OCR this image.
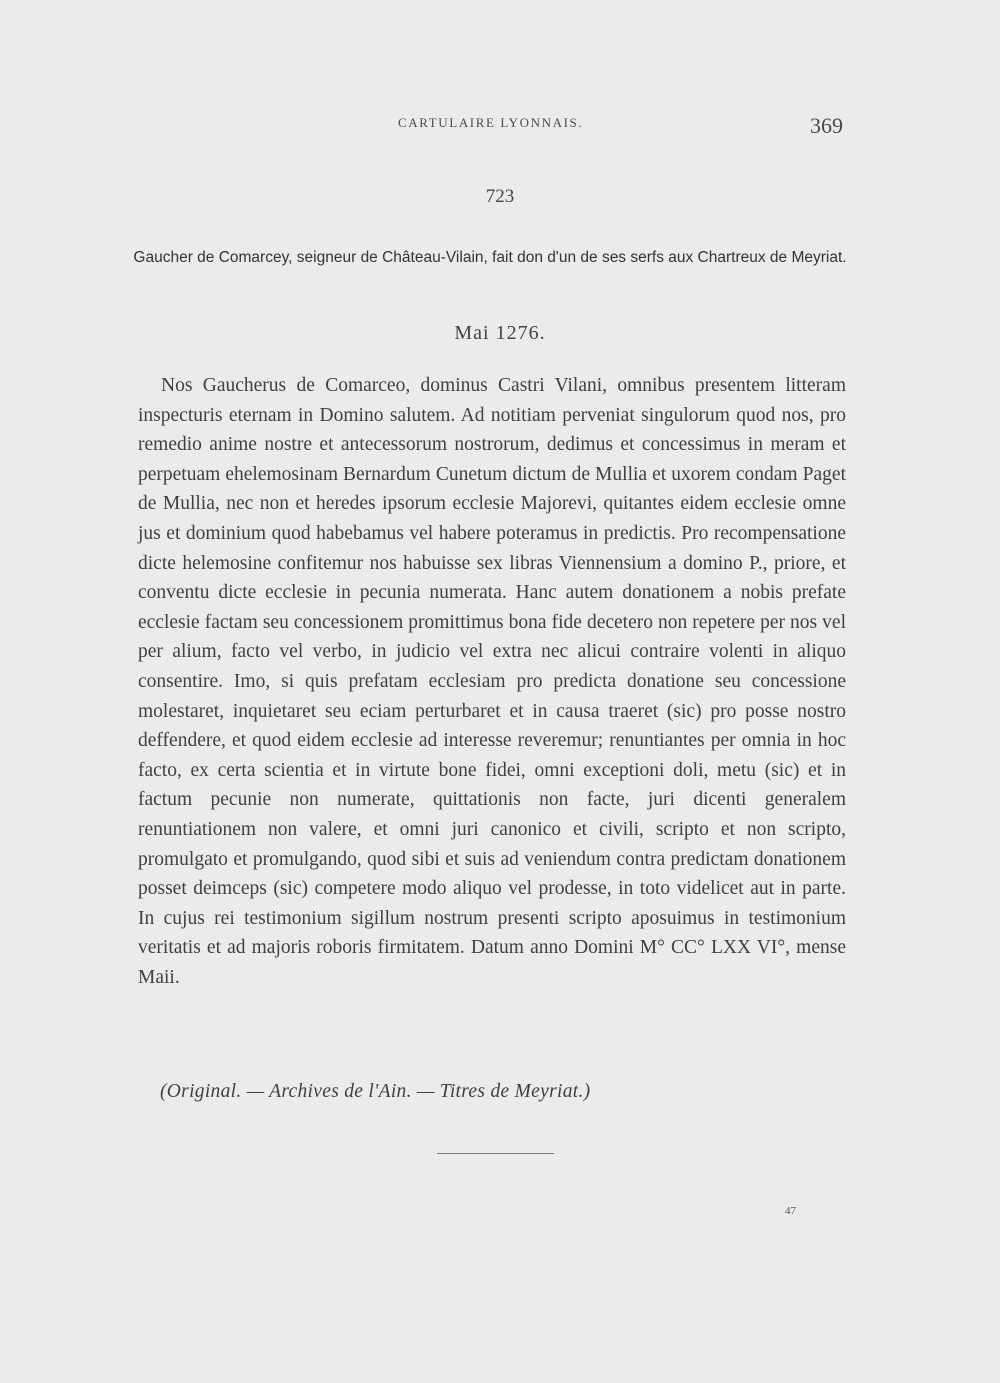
CARTULAIRE LYONNAIS.	369
723
Gaucher de Comarcey, seigneur de Château-Vilain, fait don d'un de ses serfs aux Chartreux de Meyriat.
Mai 1276.
Nos Gaucherus de Comarceo, dominus Castri Vilani, omnibus presentem litteram inspecturis eternam in Domino salutem. Ad notitiam perveniat singulorum quod nos, pro remedio anime nostre et antecessorum nostrorum, dedimus et concessimus in meram et perpetuam ehelemosinam Bernardum Cunetum dictum de Mullia et uxorem condam Paget de Mullia, nec non et heredes ipsorum ecclesie Majorevi, quitantes eidem ecclesie omne jus et dominium quod habebamus vel habere poteramus in predictis. Pro recompensatione dicte helemosine confitemur nos habuisse sex libras Viennensium a domino P., priore, et conventu dicte ecclesie in pecunia numerata. Hanc autem donationem a nobis prefate ecclesie factam seu concessionem promittimus bona fide decetero non repetere per nos vel per alium, facto vel verbo, in judicio vel extra nec alicui contraire volenti in aliquo consentire. Imo, si quis prefatam ecclesiam pro predicta donatione seu concessione molestaret, inquietaret seu eciam perturbaret et in causa traeret (sic) pro posse nostro deffendere, et quod eidem ecclesie ad interesse reveremur; renuntiantes per omnia in hoc facto, ex certa scientia et in virtute bone fidei, omni exceptioni doli, metu (sic) et in factum pecunie non numerate, quittationis non facte, juri dicenti generalem renuntiationem non valere, et omni juri canonico et civili, scripto et non scripto, promulgato et promulgando, quod sibi et suis ad veniendum contra predictam donationem posset deimceps (sic) competere modo aliquo vel prodesse, in toto videlicet aut in parte. In cujus rei testimonium sigillum nostrum presenti scripto aposuimus in testimonium veritatis et ad majoris roboris firmitatem. Datum anno Domini M° CC° LXX VI°, mense Maii.
(Original. — Archives de l'Ain. — Titres de Meyriat.)
47
